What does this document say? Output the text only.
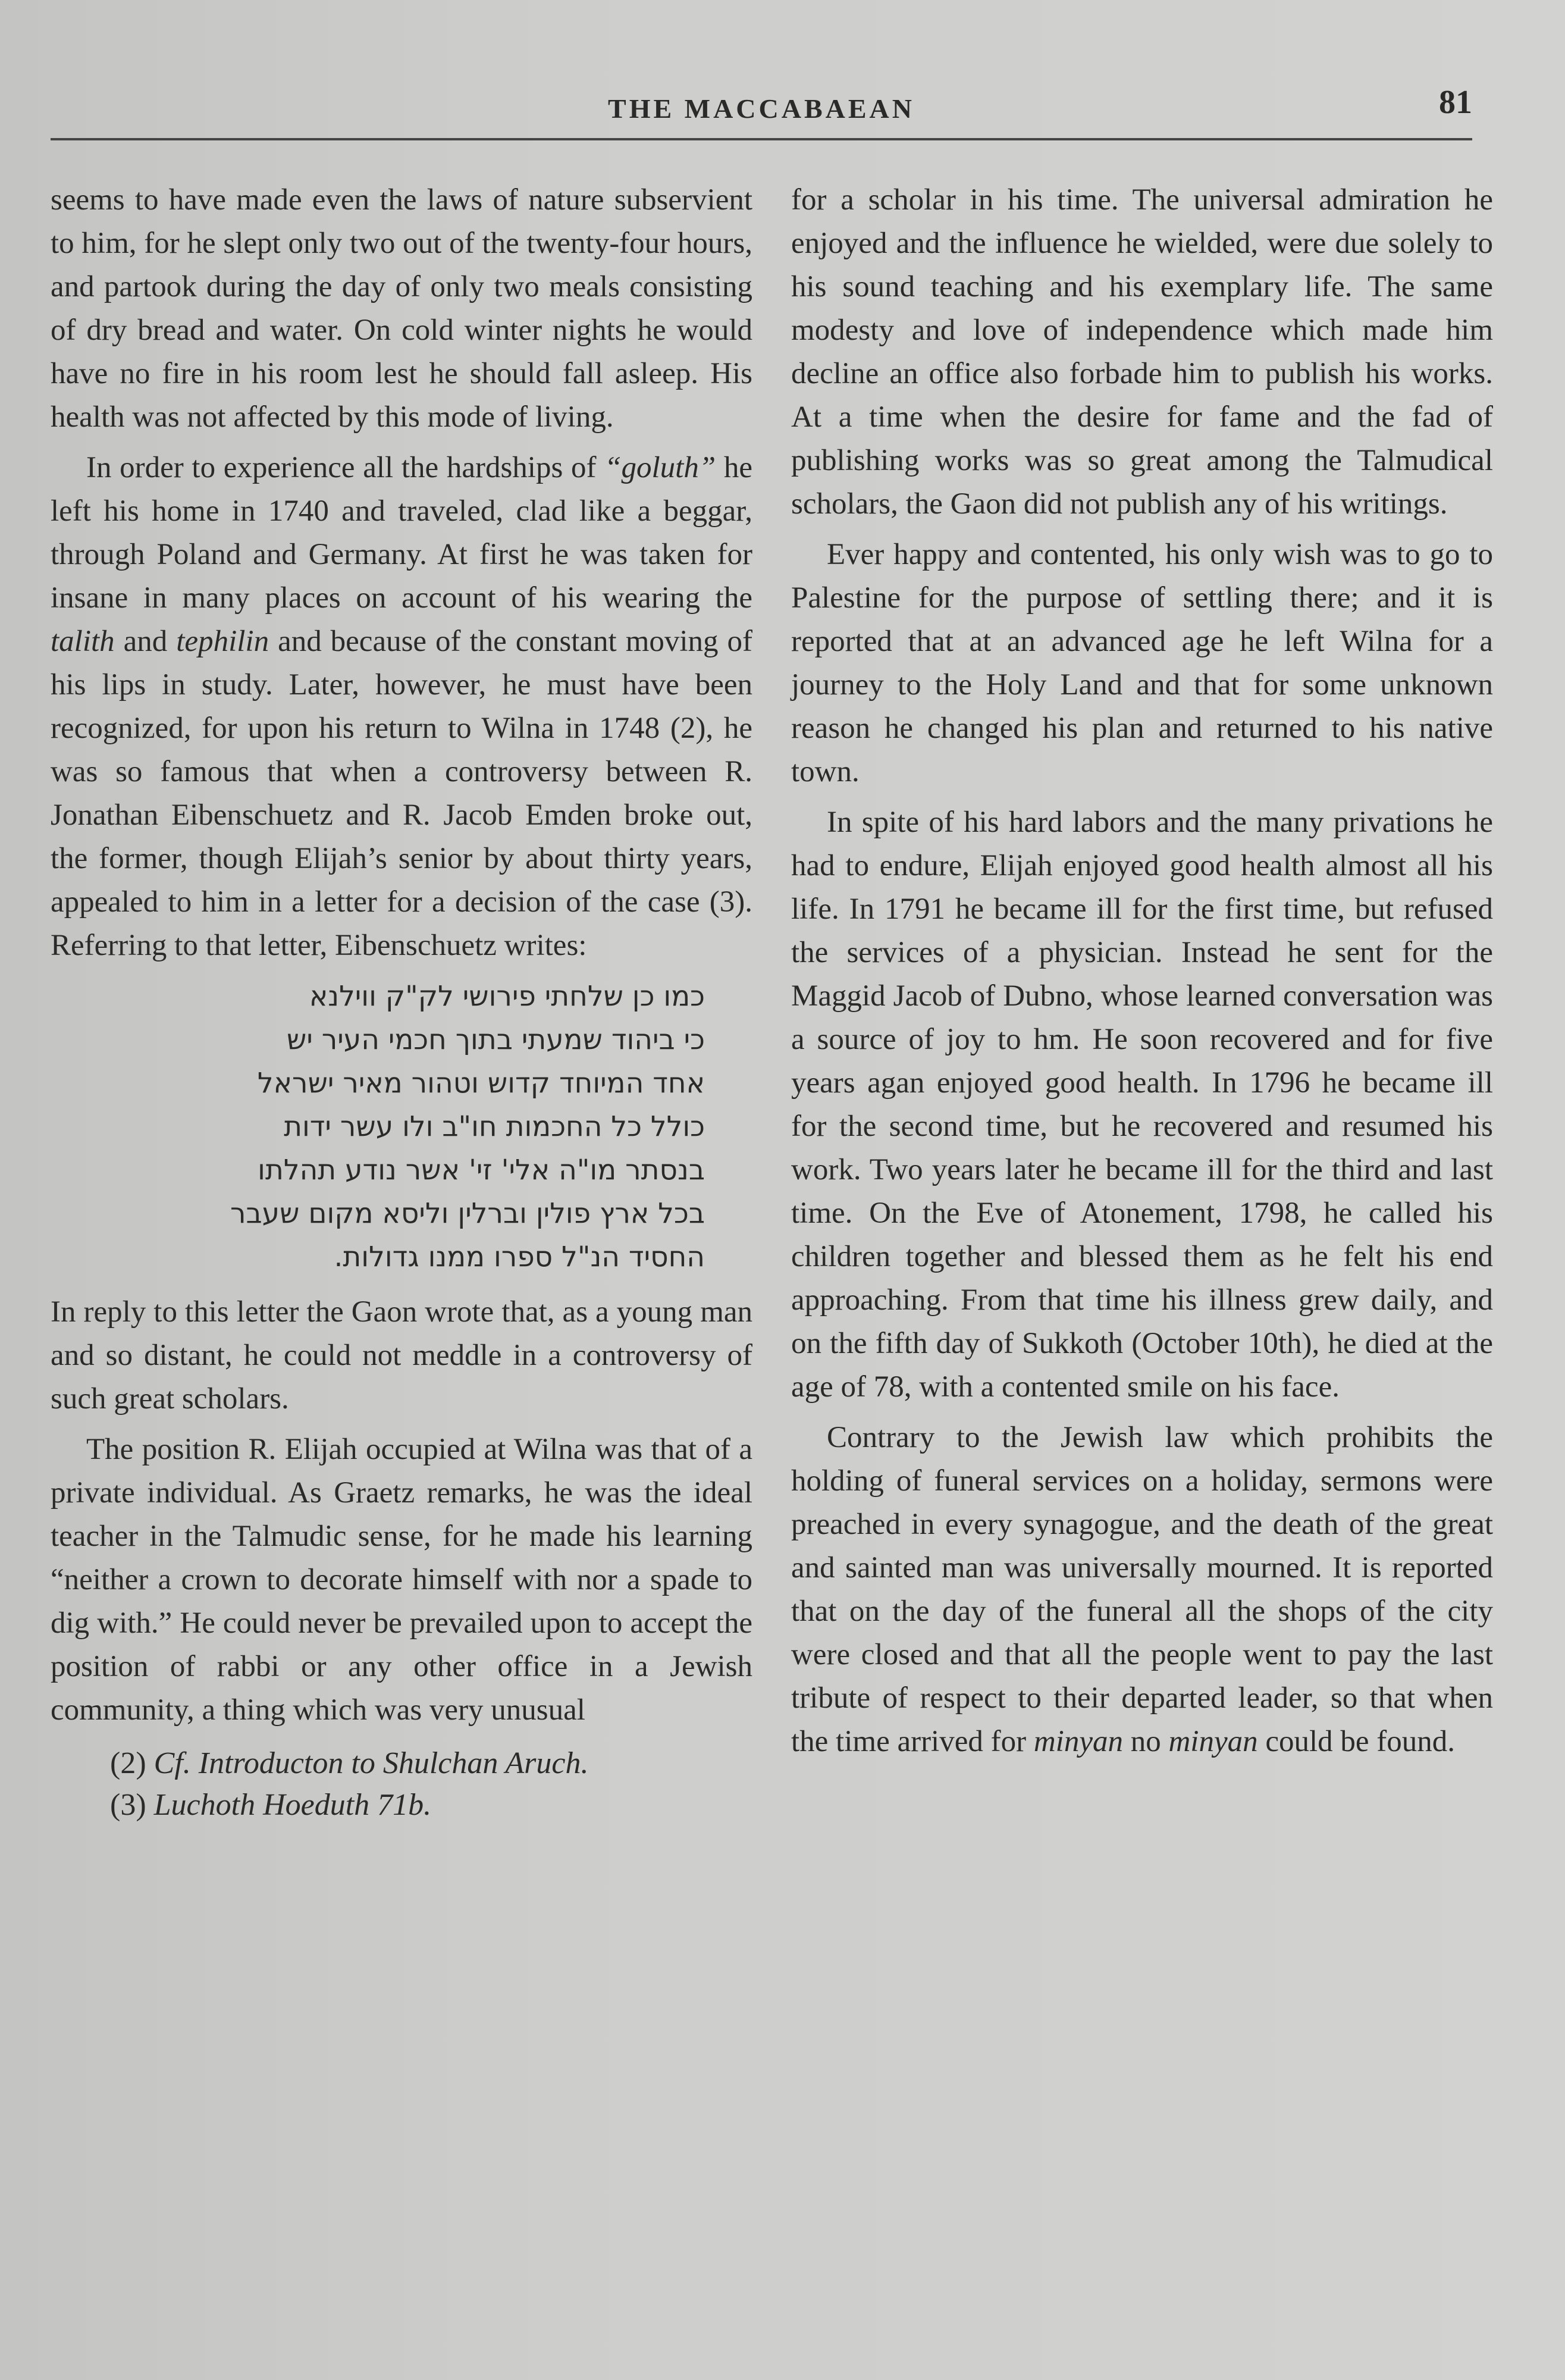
THE MACCABAEAN	81

seems to have made even the laws of nature subservient to him, for he slept only two out of the twenty-four hours, and partook during the day of only two meals consisting of dry bread and water. On cold winter nights he would have no fire in his room lest he should fall asleep. His health was not affected by this mode of living.

In order to experience all the hardships of “goluth” he left his home in 1740 and traveled, clad like a beggar, through Poland and Germany. At first he was taken for insane in many places on account of his wearing the talith and tephilin and because of the constant moving of his lips in study. Later, however, he must have been recognized, for upon his return to Wilna in 1748 (2), he was so famous that when a controversy between R. Jonathan Eibenschuetz and R. Jacob Emden broke out, the former, though Elijah’s senior by about thirty years, appealed to him in a letter for a decision of the case (3). Referring to that letter, Eibenschuetz writes:

כמו כן שלחתי פירושי לק"ק ווילנא
כי ביהוד שמעתי בתוך חכמי העיר יש
אחד המיוחד קדוש וטהור מאיר ישראל
כולל כל החכמות חו"ב ולו עשר ידות
בנסתר מו"ה אלי' זי' אשר נודע תהלתו
בכל ארץ פולין וברלין וליסא מקום שעבר
החסיד הנ"ל ספרו ממנו גדולות.

In reply to this letter the Gaon wrote that, as a young man and so distant, he could not meddle in a controversy of such great scholars.

The position R. Elijah occupied at Wilna was that of a private individual. As Graetz remarks, he was the ideal teacher in the Talmudic sense, for he made his learning “neither a crown to decorate himself with nor a spade to dig with.” He could never be prevailed upon to accept the position of rabbi or any other office in a Jewish community, a thing which was very unusual

(2) Cf. Introducton to Shulchan Aruch.
(3) Luchoth Hoeduth 71b.

for a scholar in his time. The universal admiration he enjoyed and the influence he wielded, were due solely to his sound teaching and his exemplary life. The same modesty and love of independence which made him decline an office also forbade him to publish his works. At a time when the desire for fame and the fad of publishing works was so great among the Talmudical scholars, the Gaon did not publish any of his writings.

Ever happy and contented, his only wish was to go to Palestine for the purpose of settling there; and it is reported that at an advanced age he left Wilna for a journey to the Holy Land and that for some unknown reason he changed his plan and returned to his native town.

In spite of his hard labors and the many privations he had to endure, Elijah enjoyed good health almost all his life. In 1791 he became ill for the first time, but refused the services of a physician. Instead he sent for the Maggid Jacob of Dubno, whose learned conversation was a source of joy to hm. He soon recovered and for five years agan enjoyed good health. In 1796 he became ill for the second time, but he recovered and resumed his work. Two years later he became ill for the third and last time. On the Eve of Atonement, 1798, he called his children together and blessed them as he felt his end approaching. From that time his illness grew daily, and on the fifth day of Sukkoth (October 10th), he died at the age of 78, with a contented smile on his face.

Contrary to the Jewish law which prohibits the holding of funeral services on a holiday, sermons were preached in every synagogue, and the death of the great and sainted man was universally mourned. It is reported that on the day of the funeral all the shops of the city were closed and that all the people went to pay the last tribute of respect to their departed leader, so that when the time arrived for minyan no minyan could be found.
